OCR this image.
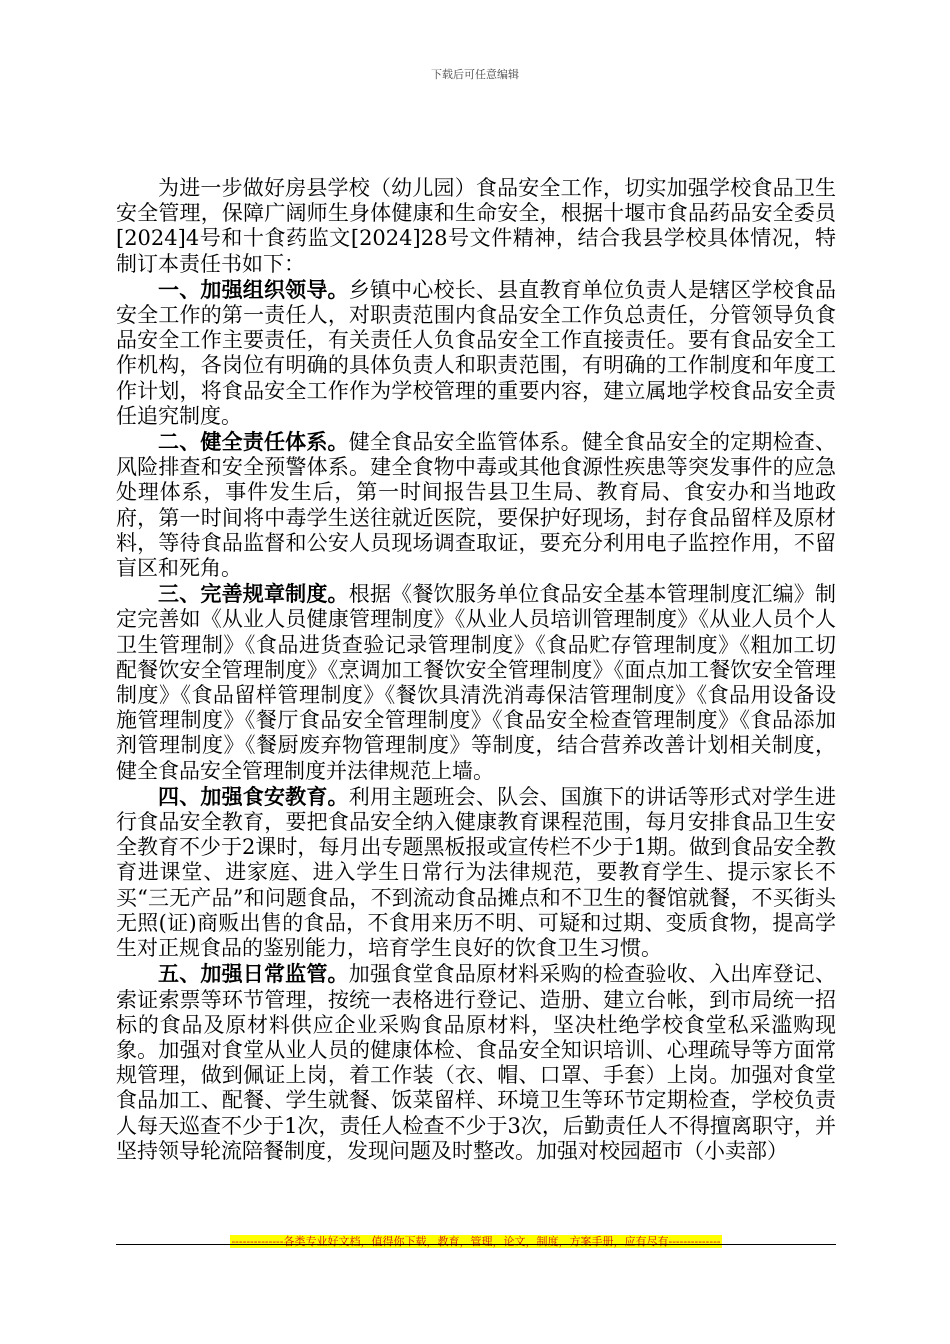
下载后可任意编辑

为进一步做好房县学校（幼儿园）食品安全工作，切实加强学校食品卫生安全管理，保障广阔师生身体健康和生命安全，根据十堰市食品药品安全委员[2024]4号和十食药监文[2024]28号文件精神，结合我县学校具体情况，特制订本责任书如下：

一、加强组织领导。乡镇中心校长、县直教育单位负责人是辖区学校食品安全工作的第一责任人，对职责范围内食品安全工作负总责任，分管领导负食品安全工作主要责任，有关责任人负食品安全工作直接责任。要有食品安全工作机构，各岗位有明确的具体负责人和职责范围，有明确的工作制度和年度工作计划，将食品安全工作作为学校管理的重要内容，建立属地学校食品安全责任追究制度。

二、健全责任体系。健全食品安全监管体系。健全食品安全的定期检查、风险排查和安全预警体系。建全食物中毒或其他食源性疾患等突发事件的应急处理体系，事件发生后，第一时间报告县卫生局、教育局、食安办和当地政府，第一时间将中毒学生送往就近医院，要保护好现场，封存食品留样及原材料，等待食品监督和公安人员现场调查取证，要充分利用电子监控作用，不留盲区和死角。

三、完善规章制度。根据《餐饮服务单位食品安全基本管理制度汇编》制定完善如《从业人员健康管理制度》《从业人员培训管理制度》《从业人员个人卫生管理制》《食品进货查验记录管理制度》《食品贮存管理制度》《粗加工切配餐饮安全管理制度》《烹调加工餐饮安全管理制度》《面点加工餐饮安全管理制度》《食品留样管理制度》《餐饮具清洗消毒保洁管理制度》《食品用设备设施管理制度》《餐厅食品安全管理制度》《食品安全检查管理制度》《食品添加剂管理制度》《餐厨废弃物管理制度》等制度，结合营养改善计划相关制度，健全食品安全管理制度并法律规范上墙。

四、加强食安教育。利用主题班会、队会、国旗下的讲话等形式对学生进行食品安全教育，要把食品安全纳入健康教育课程范围，每月安排食品卫生安全教育不少于2课时，每月出专题黑板报或宣传栏不少于1期。做到食品安全教育进课堂、进家庭、进入学生日常行为法律规范，要教育学生、提示家长不买“三无产品”和问题食品，不到流动食品摊点和不卫生的餐馆就餐，不买街头无照(证)商贩出售的食品，不食用来历不明、可疑和过期、变质食物，提高学生对正规食品的鉴别能力，培育学生良好的饮食卫生习惯。

五、加强日常监管。加强食堂食品原材料采购的检查验收、入出库登记、索证索票等环节管理，按统一表格进行登记、造册、建立台帐，到市局统一招标的食品及原材料供应企业采购食品原材料，坚决杜绝学校食堂私采滥购现象。加强对食堂从业人员的健康体检、食品安全知识培训、心理疏导等方面常规管理，做到佩证上岗，着工作装（衣、帽、口罩、手套）上岗。加强对食堂食品加工、配餐、学生就餐、饭菜留样、环境卫生等环节定期检查，学校负责人每天巡查不少于1次，责任人检查不少于3次，后勤责任人不得擅离职守，并坚持领导轮流陪餐制度，发现问题及时整改。加强对校园超市（小卖部）

--------------各类专业好文档，值得你下载，教育，管理，论文，制度，方案手册，应有尽有--------------
